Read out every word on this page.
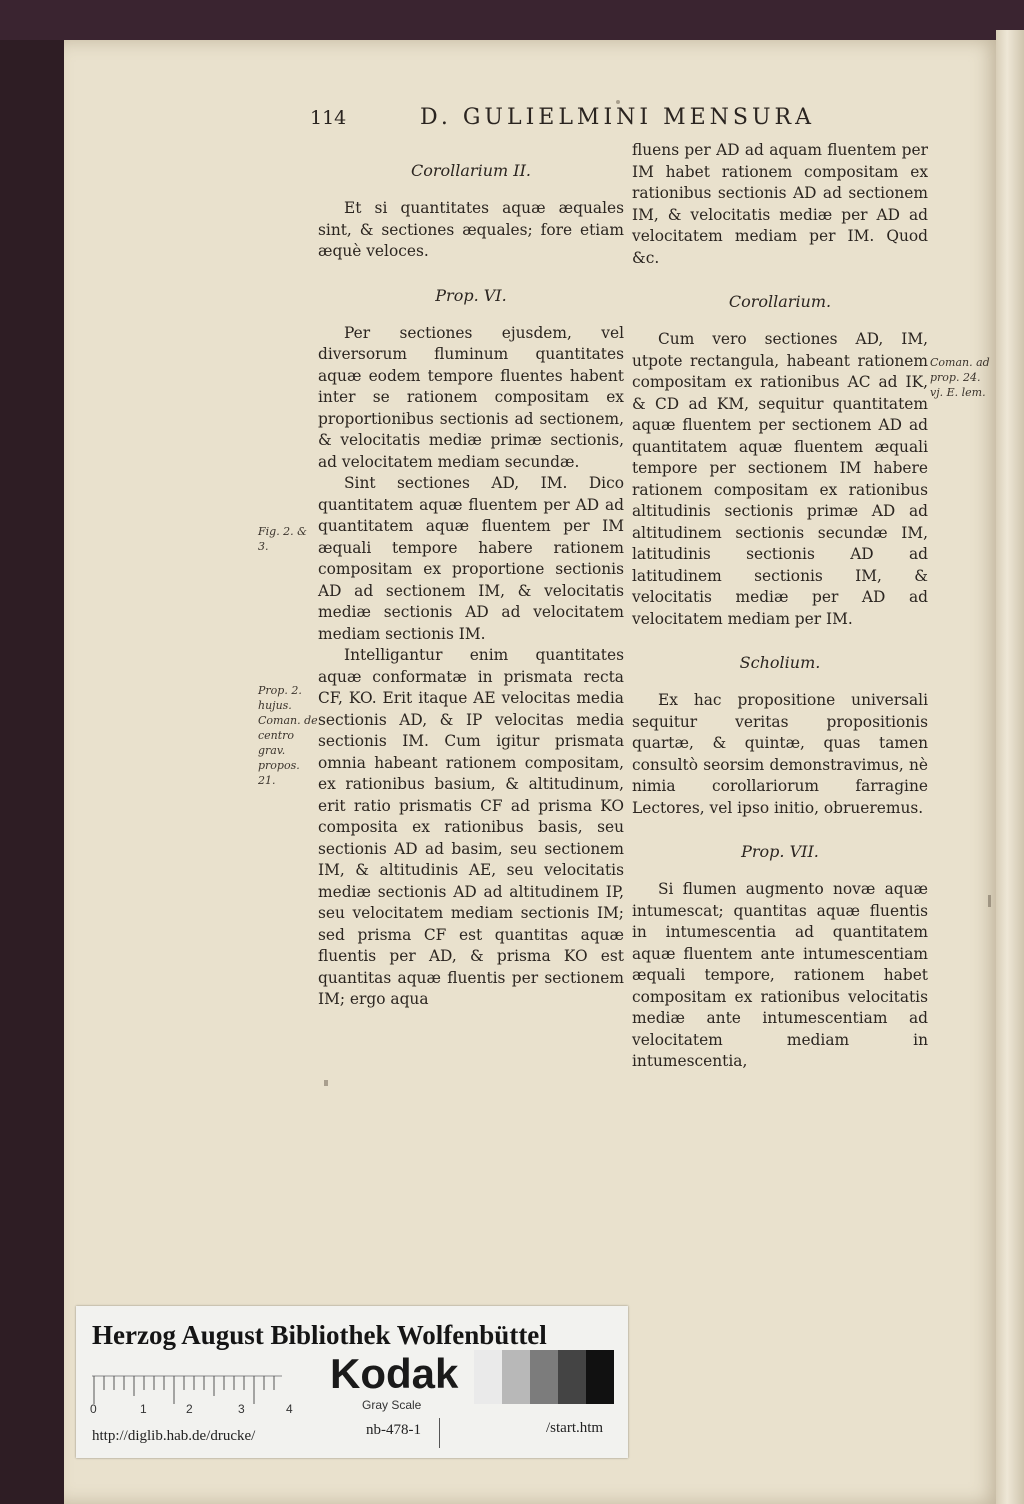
114	D. GULIELMINI MENSURA
Corollarium II.

Et si quantitates aquæ æquales sint, & sectiones æquales; fore etiam æquè veloces.

Prop. VI.

Per sectiones ejusdem, vel diversorum fluminum quantitates aquæ eodem tempore fluentes habent inter se rationem compositam ex proportionibus sectionis ad sectionem, & velocitatis mediæ primæ sectionis, ad velocitatem mediam secundæ.

Sint sectiones AD, IM. Dico quantitatem aquæ fluentem per AD ad quantitatem aquæ fluentem per IM æquali tempore habere rationem compositam ex proportione sectionis AD ad sectionem IM, & velocitatis mediæ sectionis AD ad velocitatem mediam sectionis IM.

Intelligantur enim quantitates aquæ conformatæ in prismata recta CF, KO. Erit itaque AE velocitas media sectionis AD, & IP velocitas media sectionis IM. Cum igitur prismata omnia habeant rationem compositam, ex rationibus basium, & altitudinum, erit ratio prismatis CF ad prisma KO composita ex rationibus basis, seu sectionis AD ad basim, seu sectionem IM, & altitudinis AE, seu velocitatis mediæ sectionis AD ad altitudinem IP, seu velocitatem mediam sectionis IM; sed prisma CF est quantitas aquæ fluentis per AD, & prisma KO est quantitas aquæ fluentis per sectionem IM; ergo aqua

fluens per AD ad aquam fluentem per IM habet rationem compositam ex rationibus sectionis AD ad sectionem IM, & velocitatis mediæ per AD ad velocitatem mediam per IM. Quod &c.

Corollarium.

Cum vero sectiones AD, IM, utpote rectangula, habeant rationem compositam ex rationibus AC ad IK, & CD ad KM, sequitur quantitatem aquæ fluentem per sectionem AD ad quantitatem aquæ fluentem æquali tempore per sectionem IM habere rationem compositam ex rationibus altitudinis sectionis primæ AD ad altitudinem sectionis secundæ IM, latitudinis sectionis AD ad latitudinem sectionis IM, & velocitatis mediæ per AD ad velocitatem mediam per IM.

Scholium.

Ex hac propositione universali sequitur veritas propositionis quartæ, & quintæ, quas tamen consultò seorsim demonstravimus, nè nimia corollariorum farragine Lectores, vel ipso initio, obrueremus.

Prop. VII.

Si flumen augmento novæ aquæ intumescat; quantitas aquæ fluentis in intumescentia ad quantitatem aquæ fluentem ante intumescentiam æquali tempore, rationem habet compositam ex rationibus velocitatis mediæ ante intumescentiam ad velocitatem mediam in intumescentia,

Fig. 2. & 3.
Prop. 2. hujus. Coman. de centro grav. propos. 21.
Coman. ad prop. 24. vj. E. lem.
Herzog August Bibliothek Wolfenbüttel
0	1	2	3	4
Kodak
Gray Scale
http://diglib.hab.de/drucke/	nb-478-1	/start.htm
